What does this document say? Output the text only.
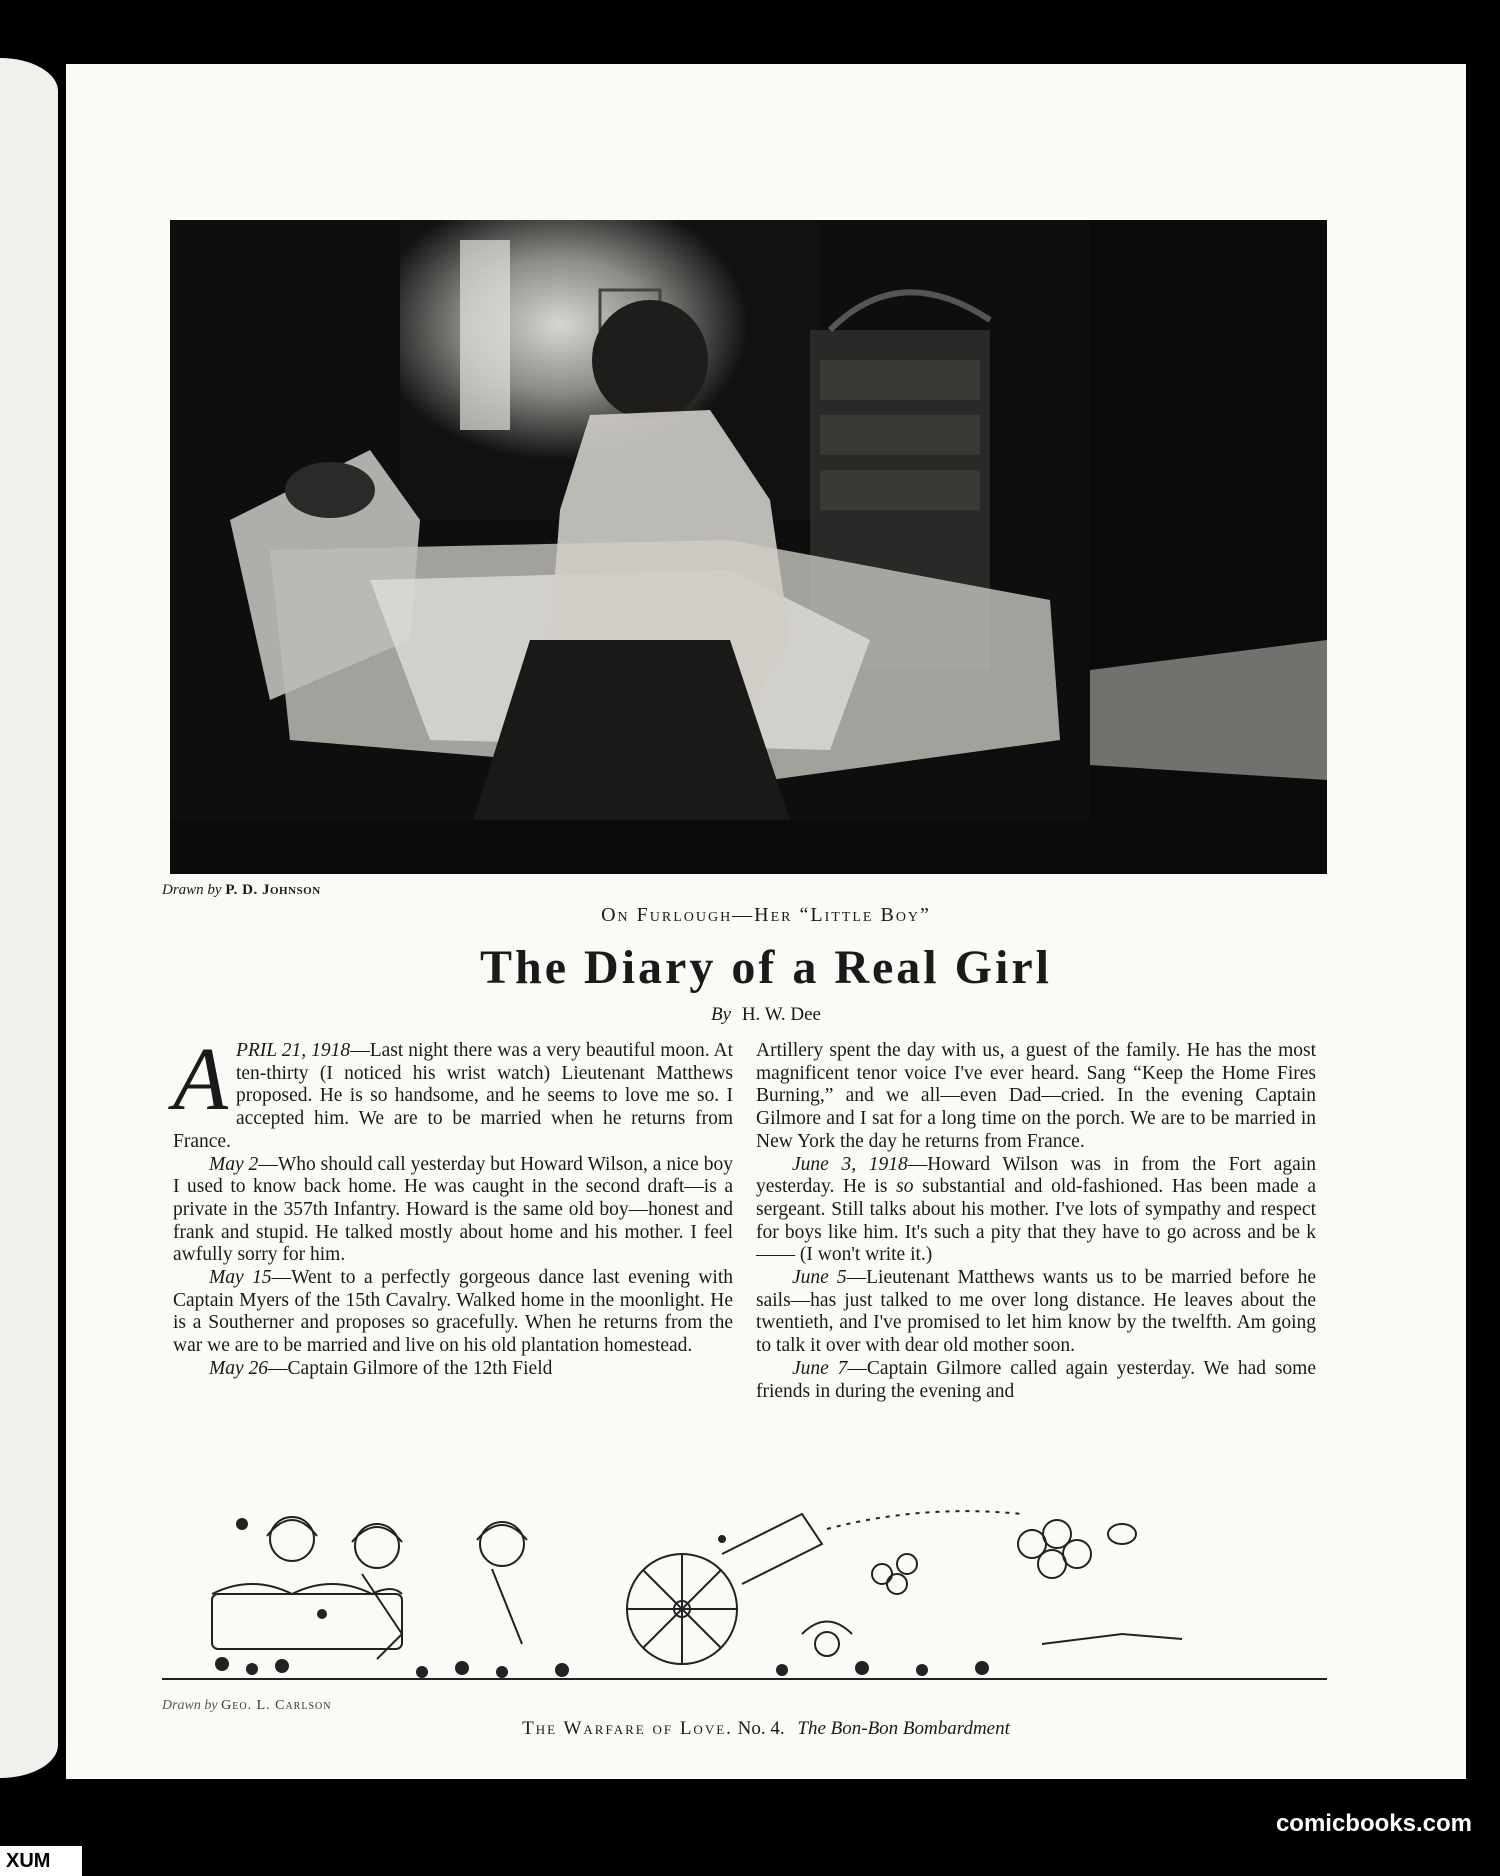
Drawn by P. D. Johnson
On Furlough—Her “Little Boy”
The Diary of a Real Girl
By H. W. Dee

APRIL 21, 1918—Last night there was a very beautiful moon. At ten-thirty (I noticed his wrist watch) Lieutenant Matthews proposed. He is so handsome, and he seems to love me so. I accepted him. We are to be married when he returns from France.

May 2—Who should call yesterday but Howard Wilson, a nice boy I used to know back home. He was caught in the second draft—is a private in the 357th Infantry. Howard is the same old boy—honest and frank and stupid. He talked mostly about home and his mother. I feel awfully sorry for him.

May 15—Went to a perfectly gorgeous dance last evening with Captain Myers of the 15th Cavalry. Walked home in the moonlight. He is a Southerner and proposes so gracefully. When he returns from the war we are to be married and live on his old plantation homestead.

May 26—Captain Gilmore of the 12th Field

Artillery spent the day with us, a guest of the family. He has the most magnificent tenor voice I've ever heard. Sang “Keep the Home Fires Burning,” and we all—even Dad—cried. In the evening Captain Gilmore and I sat for a long time on the porch. We are to be married in New York the day he returns from France.

June 3, 1918—Howard Wilson was in from the Fort again yesterday. He is so substantial and old-fashioned. Has been made a sergeant. Still talks about his mother. I've lots of sympathy and respect for boys like him. It's such a pity that they have to go across and be k—— (I won't write it.)

June 5—Lieutenant Matthews wants us to be married before he sails—has just talked to me over long distance. He leaves about the twentieth, and I've promised to let him know by the twelfth. Am going to talk it over with dear old mother soon.

June 7—Captain Gilmore called again yesterday. We had some friends in during the evening and

Drawn by Geo. L. Carlson
The Warfare of Love. No. 4. The Bon-Bon Bombardment
comicbooks.com
XUM
